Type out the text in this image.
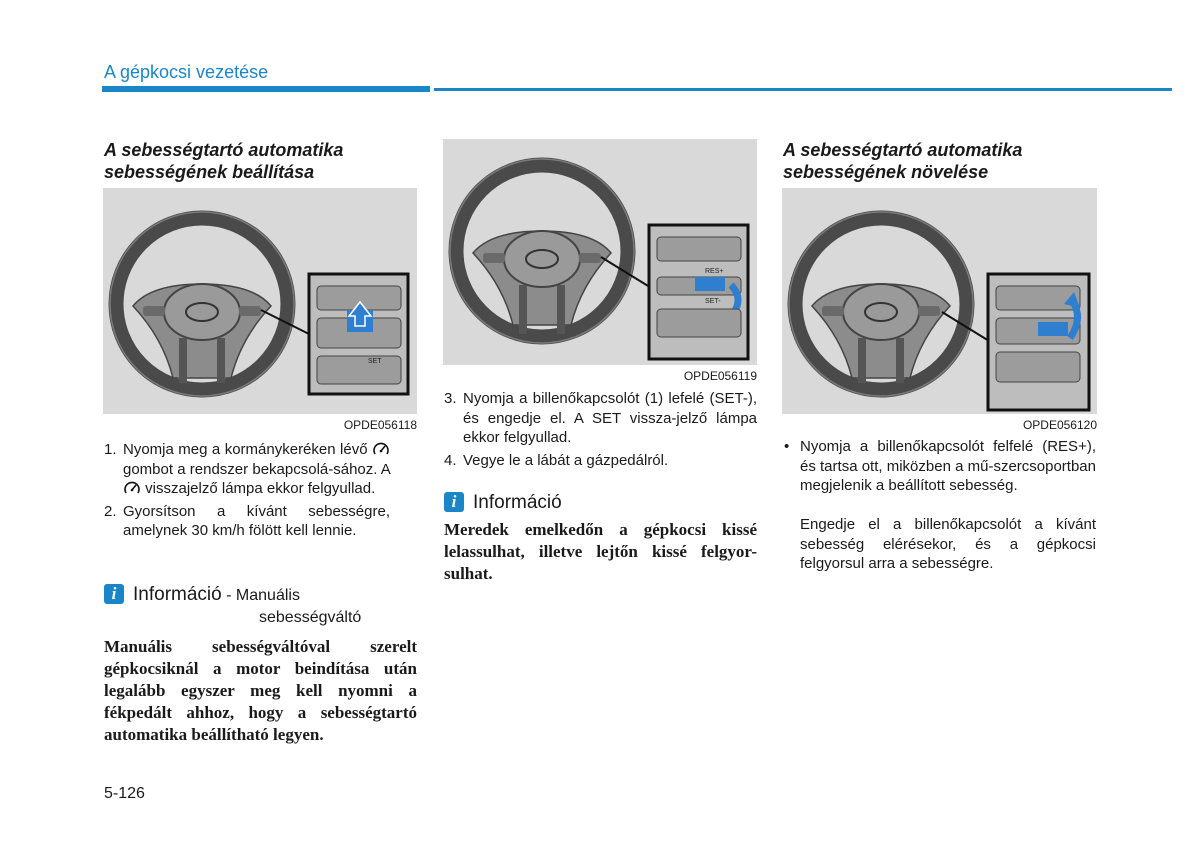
A gépkocsi vezetése
A sebességtartó automatika
sebességének beállítása
SET
OPDE056118
1. Nyomja meg a kormánykeréken lévő  gombot a rendszer bekapcsolá-sához. A  visszajelző lámpa ekkor felgyullad.
2. Gyorsítson a kívánt sebességre, amelynek 30 km/h fölött kell lennie.
i Információ - Manuális
sebességváltó
Manuális sebességváltóval szerelt gépkocsiknál a motor beindítása után legalább egyszer meg kell nyomni a fékpedált ahhoz, hogy a sebességtartó automatika beállítható legyen.
RES+
SET-
OPDE056119
3. Nyomja a billenőkapcsolót (1) lefelé (SET-), és engedje el. A SET vissza-jelző lámpa ekkor felgyullad.
4. Vegye le a lábát a gázpedálról.
i Információ
Meredek emelkedőn a gépkocsi kissé lelassulhat, illetve lejtőn kissé felgyor-sulhat.
A sebességtartó automatika
sebességének növelése
OPDE056120
• Nyomja a billenőkapcsolót felfelé (RES+), és tartsa ott, miközben a mű-szercsoportban megjelenik a beállított sebesség.
Engedje el a billenőkapcsolót a kívánt sebesség elérésekor, és a gépkocsi felgyorsul arra a sebességre.
5-126
